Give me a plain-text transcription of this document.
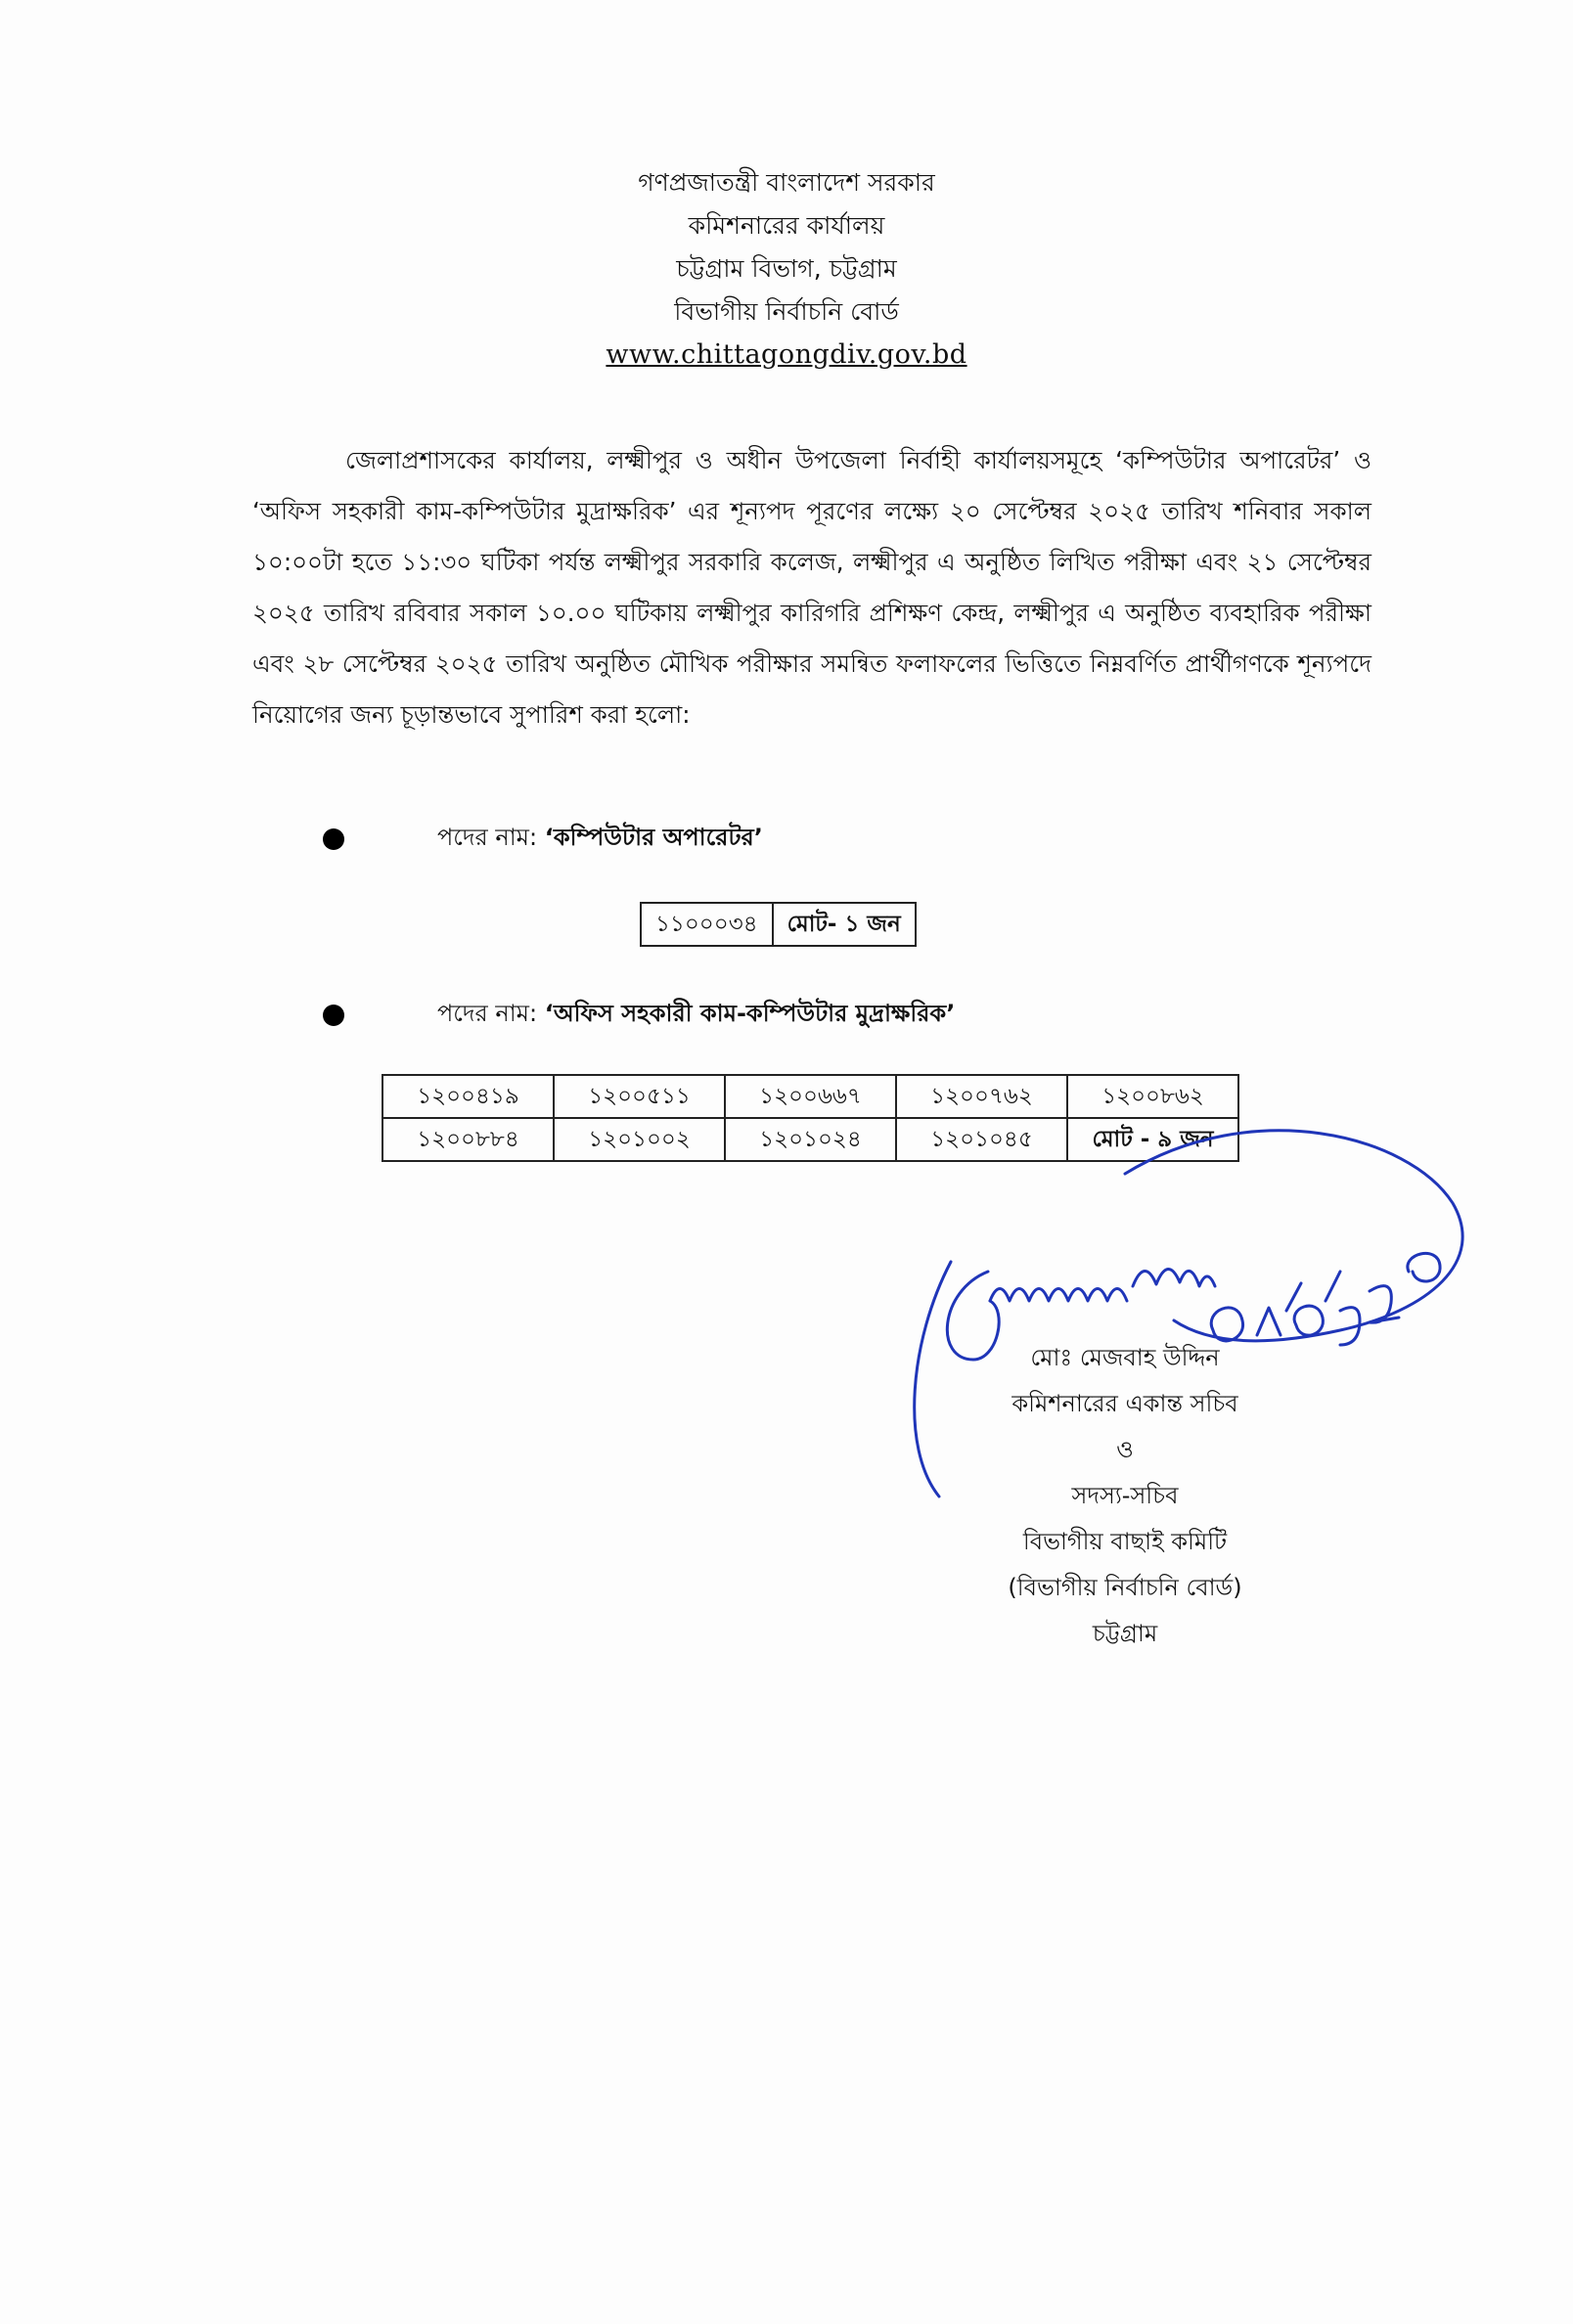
গণপ্রজাতন্ত্রী বাংলাদেশ সরকার
কমিশনারের কার্যালয়
চট্টগ্রাম বিভাগ, চট্টগ্রাম
বিভাগীয় নির্বাচনি বোর্ড
www.chittagongdiv.gov.bd
জেলাপ্রশাসকের কার্যালয়, লক্ষ্মীপুর ও অধীন উপজেলা নির্বাহী কার্যালয়সমূহে ‘কম্পিউটার অপারেটর’ ও ‘অফিস সহকারী কাম-কম্পিউটার মুদ্রাক্ষরিক’ এর শূন্যপদ পূরণের লক্ষ্যে ২০ সেপ্টেম্বর ২০২৫ তারিখ শনিবার সকাল ১০:০০টা হতে ১১:৩০ ঘটিকা পর্যন্ত লক্ষ্মীপুর সরকারি কলেজ, লক্ষ্মীপুর এ অনুষ্ঠিত লিখিত পরীক্ষা এবং ২১ সেপ্টেম্বর ২০২৫ তারিখ রবিবার সকাল ১০.০০ ঘটিকায় লক্ষ্মীপুর কারিগরি প্রশিক্ষণ কেন্দ্র, লক্ষ্মীপুর এ অনুষ্ঠিত ব্যবহারিক পরীক্ষা এবং ২৮ সেপ্টেম্বর ২০২৫ তারিখ অনুষ্ঠিত মৌখিক পরীক্ষার সমন্বিত ফলাফলের ভিত্তিতে নিম্নবর্ণিত প্রার্থীগণকে শূন্যপদে নিয়োগের জন্য চূড়ান্তভাবে সুপারিশ করা হলো:
পদের নাম:
‘কম্পিউটার অপারেটর’
১১০০০৩৪	মোট- ১ জন
পদের নাম:
‘অফিস সহকারী কাম-কম্পিউটার মুদ্রাক্ষরিক’
১২০০৪১৯	১২০০৫১১	১২০০৬৬৭	১২০০৭৬২	১২০০৮৬২
১২০০৮৮৪	১২০১০০২	১২০১০২৪	১২০১০৪৫	মোট - ৯ জন
মোঃ মেজবাহ উদ্দিন
কমিশনারের একান্ত সচিব
ও
সদস্য-সচিব
বিভাগীয় বাছাই কমিটি
(বিভাগীয় নির্বাচনি বোর্ড)
চট্টগ্রাম
